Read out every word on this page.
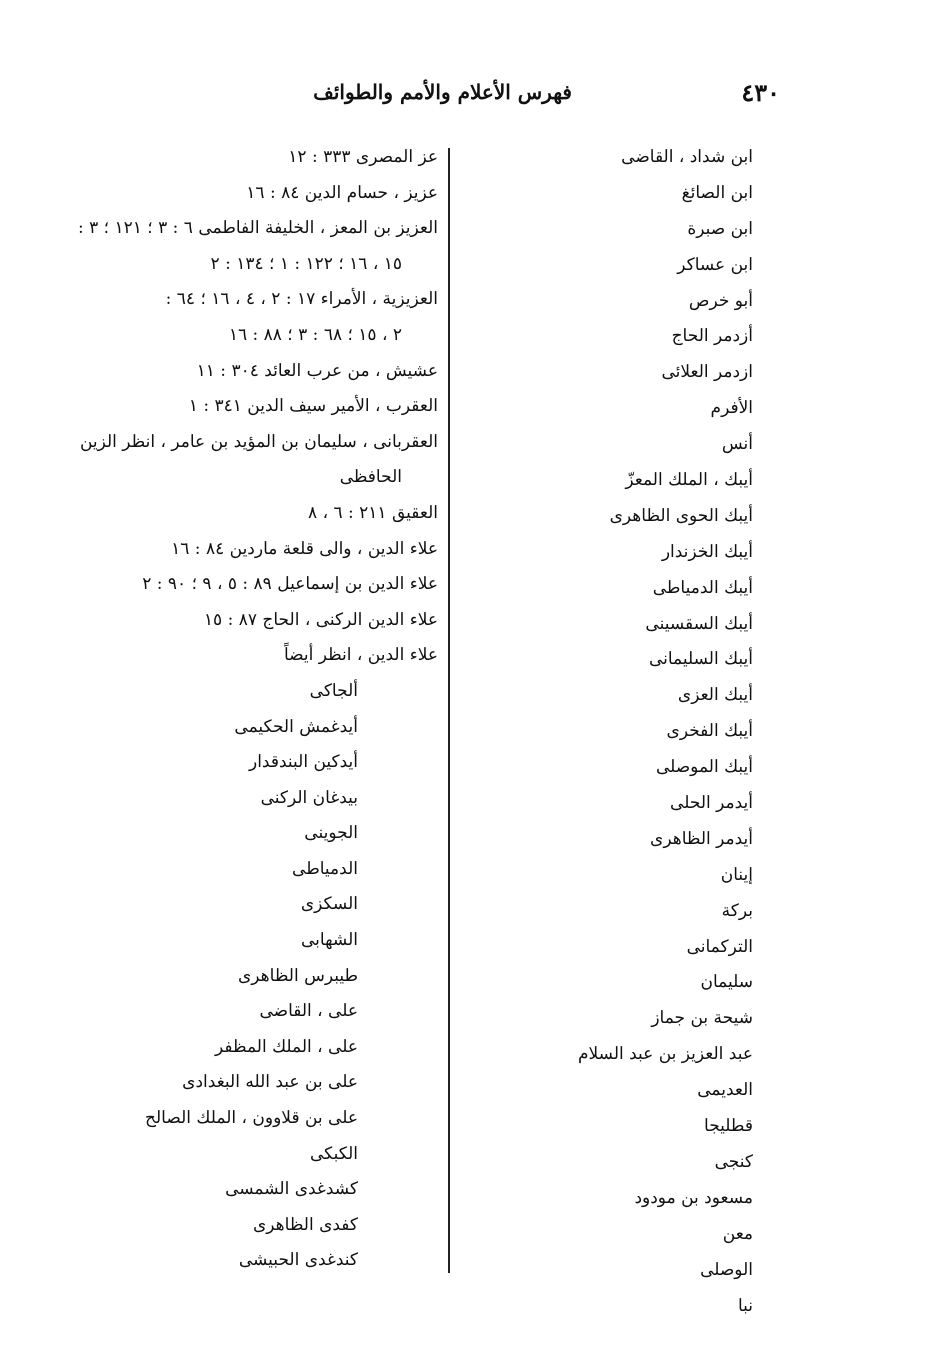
٤٣٠
فهرس الأعلام والأمم والطوائف
ابن شداد ، القاضى
ابن الصائغ
ابن صبرة
ابن عساكر
أبو خرص
أزدمر الحاج
ازدمر العلائى
الأفرم
أنس
أيبك ، الملك المعزّ
أيبك الحوى الظاهرى
أيبك الخزندار
أيبك الدمياطى
أيبك السقسينى
أيبك السليمانى
أيبك العزى
أيبك الفخرى
أيبك الموصلى
أيدمر الحلى
أيدمر الظاهرى
إينان
بركة
التركمانى
سليمان
شيحة بن جماز
عبد العزيز بن عبد السلام
العديمى
قطليجا
كنجى
مسعود بن مودود
معن
الوصلى
نبا
عز المصرى ٣٣٣ : ١٢
عزيز ، حسام الدين ٨٤ : ١٦
العزيز بن المعز ، الخليفة الفاطمى ٦ : ٣ ؛ ١٢١ ؛ ٣ :
١٥ ، ١٦ ؛ ١٢٢ : ١ ؛ ١٣٤ : ٢
العزيزية ، الأمراء ١٧ : ٢ ، ٤ ، ١٦ ؛ ٦٤ :
٢ ، ١٥ ؛ ٦٨ : ٣ ؛ ٨٨ : ١٦
عشيش ، من عرب العائد ٣٠٤ : ١١
العقرب ، الأمير سيف الدين ٣٤١ : ١
العقربانى ، سليمان بن المؤيد بن عامر ، انظر الزين
الحافظى
العقيق ٢١١ : ٦ ، ٨
علاء الدين ، والى قلعة ماردين ٨٤ : ١٦
علاء الدين بن إسماعيل ٨٩ : ٥ ، ٩ ؛ ٩٠ : ٢
علاء الدين الركنى ، الحاج ٨٧ : ١٥
علاء الدين ، انظر أيضاً
ألجاكى
أيدغمش الحكيمى
أيدكين البندقدار
بيدغان الركنى
الجوينى
الدمياطى
السكزى
الشهابى
طيبرس الظاهرى
على ، القاضى
على ، الملك المظفر
على بن عبد الله البغدادى
على بن قلاوون ، الملك الصالح
الكبكى
كشدغدى الشمسى
كفدى الظاهرى
كندغدى الحبيشى
